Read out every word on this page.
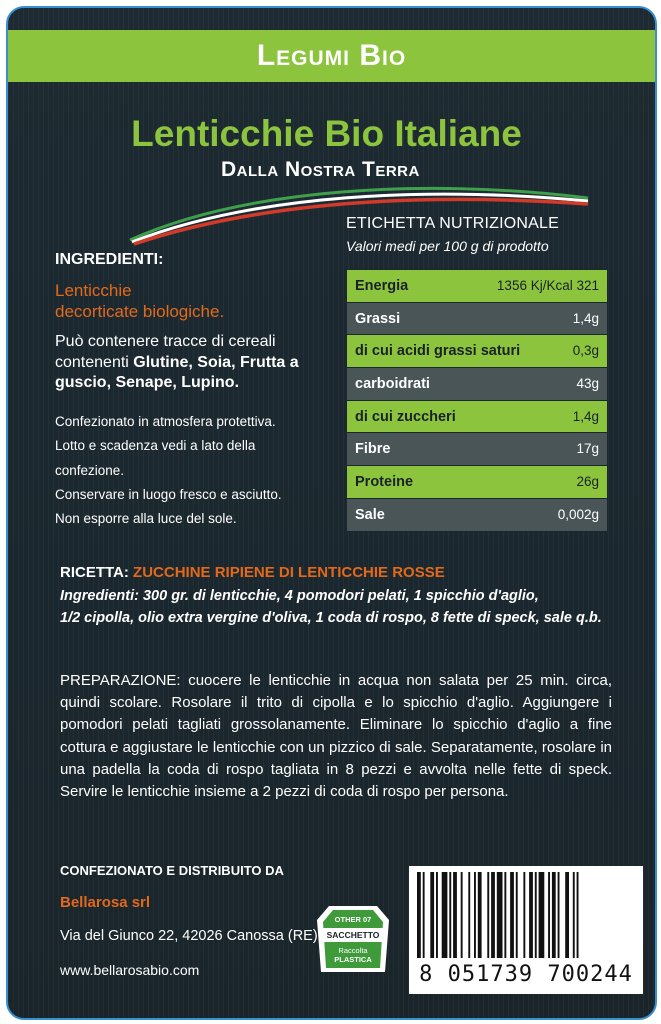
Legumi Bio
Lenticchie Bio Italiane
Dalla Nostra Terra
INGREDIENTI:
Lenticchie
decorticate biologiche.
Può contenere tracce di cereali contenenti Glutine, Soia, Frutta a guscio, Senape, Lupino.
Confezionato in atmosfera protettiva.
Lotto e scadenza vedi a lato della confezione.
Conservare in luogo fresco e asciutto.
Non esporre alla luce del sole.
ETICHETTA NUTRIZIONALE
Valori medi per 100 g di prodotto
Energia	1356 Kj/Kcal 321
Grassi	1,4g
di cui acidi grassi saturi	0,3g
carboidrati	43g
di cui zuccheri	1,4g
Fibre	17g
Proteine	26g
Sale	0,002g
RICETTA: ZUCCHINE RIPIENE DI LENTICCHIE ROSSE
Ingredienti: 300 gr. di lenticchie, 4 pomodori pelati, 1 spicchio d'aglio,
1/2 cipolla, olio extra vergine d'oliva, 1 coda di rospo, 8 fette di speck, sale q.b.
PREPARAZIONE: cuocere le lenticchie in acqua non salata per 25 min. circa, quindi scolare. Rosolare il trito di cipolla e lo spicchio d'aglio. Aggiungere i pomodori pelati tagliati grossolanamente. Eliminare lo spicchio d'aglio a fine cottura e aggiustare le lenticchie con un pizzico di sale. Separatamente, rosolare in una padella la coda di rospo tagliata in 8 pezzi e avvolta nelle fette di speck. Servire le lenticchie insieme a 2 pezzi di coda di rospo per persona.
CONFEZIONATO E DISTRIBUITO DA
Bellarosa srl
Via del Giunco 22, 42026 Canossa (RE)
www.bellarosabio.com
OTHER 07
SACCHETTO
Raccolta
PLASTICA
8 051739 700244
